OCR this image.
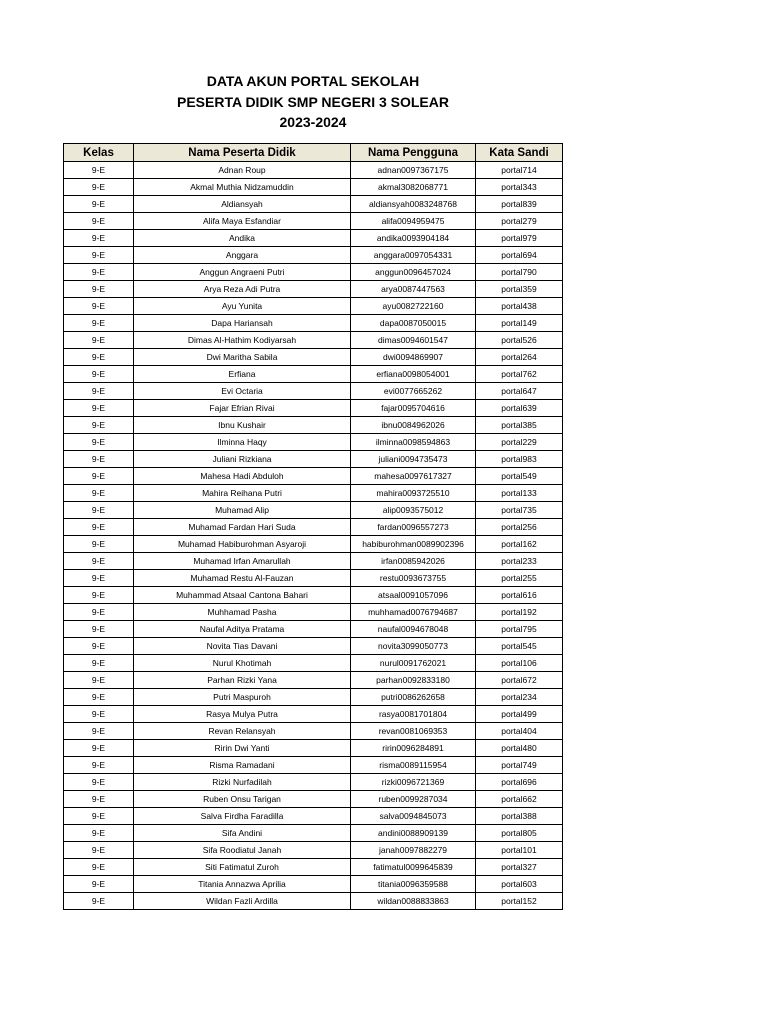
DATA AKUN PORTAL SEKOLAH
PESERTA DIDIK SMP NEGERI 3 SOLEAR
2023-2024
Kelas	Nama Peserta Didik	Nama Pengguna	Kata Sandi
9-E	Adnan Roup	adnan0097367175	portal714
9-E	Akmal Muthia Nidzamuddin	akmal3082068771	portal343
9-E	Aldiansyah	aldiansyah0083248768	portal839
9-E	Alifa Maya Esfandiar	alifa0094959475	portal279
9-E	Andika	andika0093904184	portal979
9-E	Anggara	anggara0097054331	portal694
9-E	Anggun Angraeni Putri	anggun0096457024	portal790
9-E	Arya Reza Adi Putra	arya0087447563	portal359
9-E	Ayu Yunita	ayu0082722160	portal438
9-E	Dapa Hariansah	dapa0087050015	portal149
9-E	Dimas Al-Hathim Kodiyarsah	dimas0094601547	portal526
9-E	Dwi Maritha Sabila	dwi0094869907	portal264
9-E	Erfiana	erfiana0098054001	portal762
9-E	Evi Octaria	evi0077665262	portal647
9-E	Fajar Efrian Rivai	fajar0095704616	portal639
9-E	Ibnu Kushair	ibnu0084962026	portal385
9-E	Ilminna Haqy	ilminna0098594863	portal229
9-E	Juliani Rizkiana	juliani0094735473	portal983
9-E	Mahesa Hadi Abduloh	mahesa0097617327	portal549
9-E	Mahira Reihana Putri	mahira0093725510	portal133
9-E	Muhamad Alip	alip0093575012	portal735
9-E	Muhamad Fardan Hari Suda	fardan0096557273	portal256
9-E	Muhamad Habiburohman Asyaroji	habiburohman0089902396	portal162
9-E	Muhamad Irfan Amarullah	irfan0085942026	portal233
9-E	Muhamad Restu Al-Fauzan	restu0093673755	portal255
9-E	Muhammad Atsaal Cantona Bahari	atsaal0091057096	portal616
9-E	Muhhamad Pasha	muhhamad0076794687	portal192
9-E	Naufal Aditya Pratama	naufal0094678048	portal795
9-E	Novita Tias Davani	novita3099050773	portal545
9-E	Nurul Khotimah	nurul0091762021	portal106
9-E	Parhan Rizki Yana	parhan0092833180	portal672
9-E	Putri Maspuroh	putri0086262658	portal234
9-E	Rasya Mulya Putra	rasya0081701804	portal499
9-E	Revan Relansyah	revan0081069353	portal404
9-E	Ririn Dwi Yanti	ririn0096284891	portal480
9-E	Risma Ramadani	risma0089115954	portal749
9-E	Rizki Nurfadilah	rizki0096721369	portal696
9-E	Ruben Onsu Tarigan	ruben0099287034	portal662
9-E	Salva Firdha Faradilla	salva0094845073	portal388
9-E	Sifa Andini	andini0088909139	portal805
9-E	Sifa Roodiatul Janah	janah0097882279	portal101
9-E	Siti Fatimatul Zuroh	fatimatul0099645839	portal327
9-E	Titania Annazwa Aprilia	titania0096359588	portal603
9-E	Wildan Fazli Ardilla	wildan0088833863	portal152
